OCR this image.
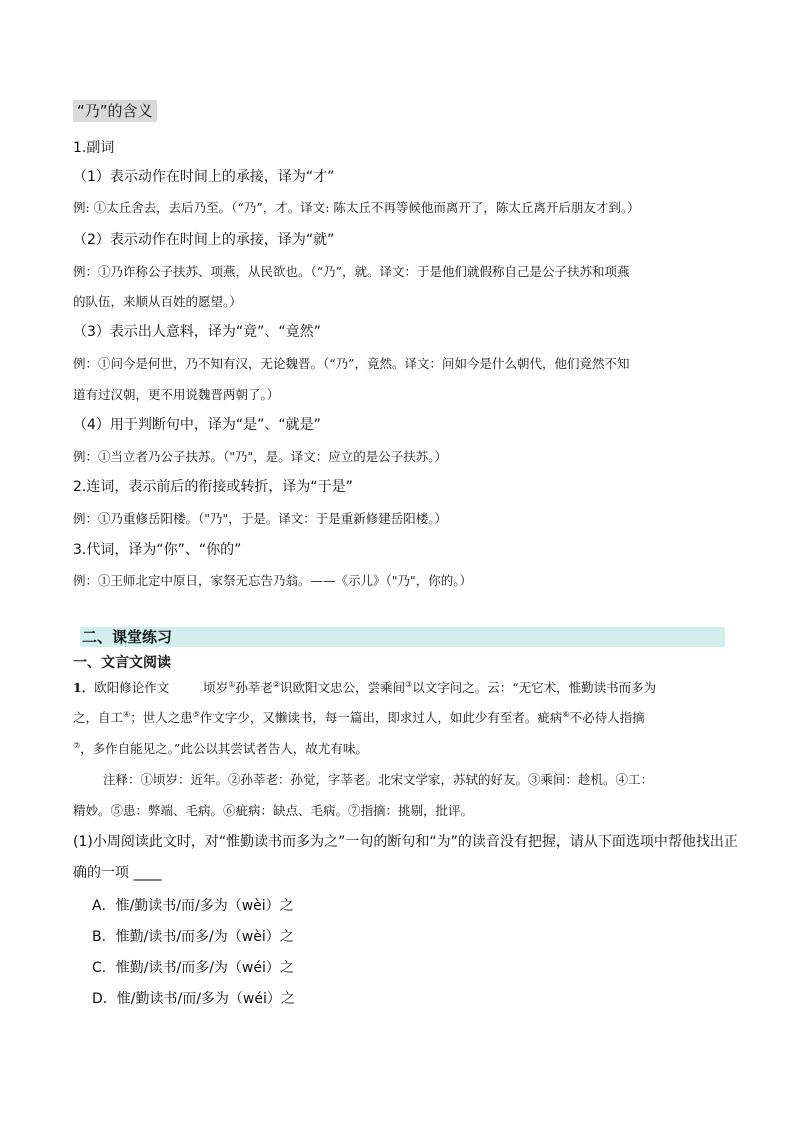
“乃”的含义
1.副词
（1）表示动作在时间上的承接，译为“才”
例: ①太丘舍去，去后乃至。（“乃”，才。译文: 陈太丘不再等候他而离开了，陈太丘离开后朋友才到。）
（2）表示动作在时间上的承接，译为“就”
例：①乃诈称公子扶苏、项燕，从民欲也。（“乃”，就。译文：于是他们就假称自己是公子扶苏和项燕
的队伍，来顺从百姓的愿望。）
（3）表示出人意料，译为“竟”、“竟然”
例：①问今是何世，乃不知有汉，无论魏晋。（“乃”，竟然。译文：问如今是什么朝代，他们竟然不知
道有过汉朝，更不用说魏晋两朝了。）
（4）用于判断句中，译为“是”、“就是”
例：①当立者乃公子扶苏。（"乃"，是。译文：应立的是公子扶苏。）
2.连词，表示前后的衔接或转折，译为“于是”
例：①乃重修岳阳楼。（"乃"，于是。译文：于是重新修建岳阳楼。）
3.代词，译为“你”、“你的”
例：①王师北定中原日，家祭无忘告乃翁。——《示儿》（"乃"，你的。）
二、课堂练习
一、文言文阅读
1．欧阳修论作文	顷岁①孙莘老②识欧阳文忠公，尝乘间③以文字问之。云：“无它术，惟勤读书而多为
之，自工④；世人之患⑤作文字少，又懒读书，每一篇出，即求过人，如此少有至者。疵病⑥不必待人指摘
⑦，多作自能见之。”此公以其尝试者告人，故尤有味。
注释：①顷岁：近年。②孙莘老：孙觉，字莘老。北宋文学家，苏轼的好友。③乘间：趁机。④工：
精妙。⑤患：弊端、毛病。⑥疵病：缺点、毛病。⑦指摘：挑剔，批评。
(1)小周阅读此文时，对“惟勤读书而多为之”一句的断句和“为”的读音没有把握，请从下面选项中帮他找出正
确的一项 ____
A．惟/勤读书/而/多为（wèi）之
B．惟勤/读书/而多/为（wèi）之
C．惟勤/读书/而多/为（wéi）之
D．惟/勤读书/而/多为（wéi）之
